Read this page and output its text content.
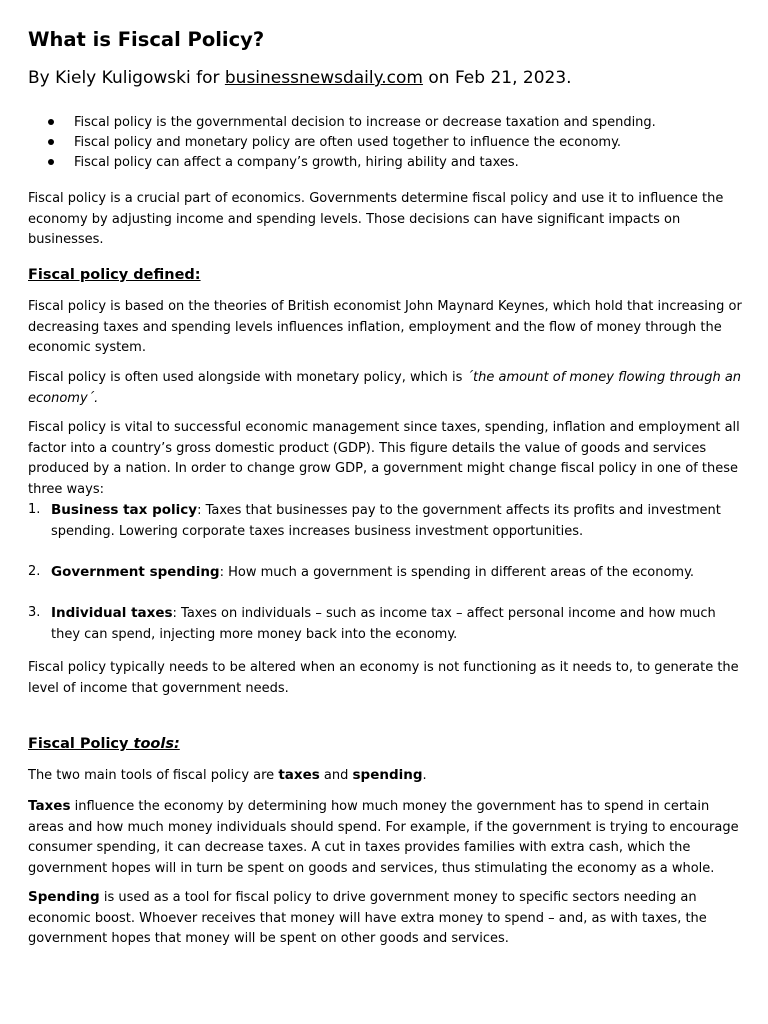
What is Fiscal Policy?

By Kiely Kuligowski for businessnewsdaily.com on Feb 21, 2023.

Fiscal policy is the governmental decision to increase or decrease taxation and spending.
Fiscal policy and monetary policy are often used together to influence the economy.
Fiscal policy can affect a company’s growth, hiring ability and taxes.

Fiscal policy is a crucial part of economics. Governments determine fiscal policy and use it to influence the economy by adjusting income and spending levels. Those decisions can have significant impacts on businesses.

Fiscal policy defined:

Fiscal policy is based on the theories of British economist John Maynard Keynes, which hold that increasing or decreasing taxes and spending levels influences inflation, employment and the flow of money through the economic system.

Fiscal policy is often used alongside with monetary policy, which is ´the amount of money flowing through an economy´.

Fiscal policy is vital to successful economic management since taxes, spending, inflation and employment all factor into a country’s gross domestic product (GDP). This figure details the value of goods and services produced by a nation. In order to change grow GDP, a government might change fiscal policy in one of these three ways:

1. Business tax policy: Taxes that businesses pay to the government affects its profits and investment spending. Lowering corporate taxes increases business investment opportunities.
2. Government spending: How much a government is spending in different areas of the economy.
3. Individual taxes: Taxes on individuals – such as income tax – affect personal income and how much they can spend, injecting more money back into the economy.

Fiscal policy typically needs to be altered when an economy is not functioning as it needs to, to generate the level of income that government needs.

Fiscal Policy tools:

The two main tools of fiscal policy are taxes and spending.

Taxes influence the economy by determining how much money the government has to spend in certain areas and how much money individuals should spend. For example, if the government is trying to encourage consumer spending, it can decrease taxes. A cut in taxes provides families with extra cash, which the government hopes will in turn be spent on goods and services, thus stimulating the economy as a whole.

Spending is used as a tool for fiscal policy to drive government money to specific sectors needing an economic boost. Whoever receives that money will have extra money to spend – and, as with taxes, the government hopes that money will be spent on other goods and services.
